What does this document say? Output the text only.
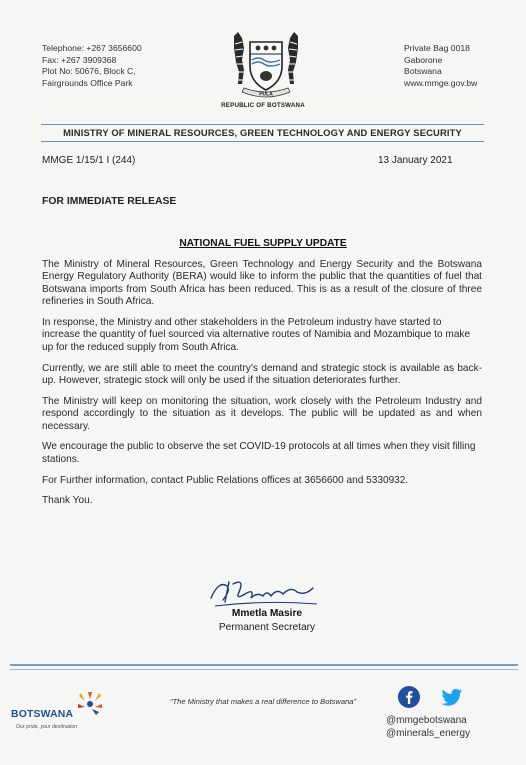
Telephone: +267 3656600
Fax: +267 3909368
Plot No: 50676, Block C,
Fairgrounds Office Park
PULA
Private Bag 0018
Gaborone
Botswana
www.mmge.gov.bw
REPUBLIC OF BOTSWANA
MINISTRY OF MINERAL RESOURCES, GREEN TECHNOLOGY AND ENERGY SECURITY
MMGE 1/15/1 I (244)	13 January 2021
FOR IMMEDIATE RELEASE
NATIONAL FUEL SUPPLY UPDATE

The Ministry of Mineral Resources, Green Technology and Energy Security and the Botswana Energy Regulatory Authority (BERA) would like to inform the public that the quantities of fuel that Botswana imports from South Africa has been reduced. This is as a result of the closure of three refineries in South Africa.

In response, the Ministry and other stakeholders in the Petroleum industry have started to increase the quantity of fuel sourced via alternative routes of Namibia and Mozambique to make up for the reduced supply from South Africa.

Currently, we are still able to meet the country’s demand and strategic stock is available as back-up. However, strategic stock will only be used if the situation deteriorates further.

The Ministry will keep on monitoring the situation, work closely with the Petroleum Industry and respond accordingly to the situation as it develops. The public will be updated as and when necessary.

We encourage the public to observe the set COVID-19 protocols at all times when they visit filling stations.

For Further information, contact Public Relations offices at 3656600 and 5330932.

Thank You.

Mmetla Masire
Permanent Secretary
BOTSWANA
Our pride, your destination
“The Ministry that makes a real difference to Botswana”
@mmgebotswana
@minerals_energy
